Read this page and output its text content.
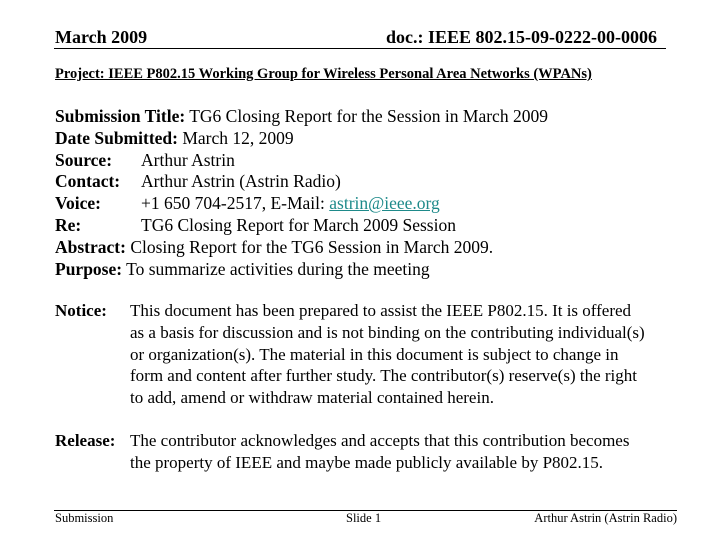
March 2009	doc.: IEEE 802.15-09-0222-00-0006
Project: IEEE P802.15 Working Group for Wireless Personal Area Networks (WPANs)
Submission Title: TG6 Closing Report for the Session in March 2009
Date Submitted: March 12, 2009
Source: Arthur Astrin
Contact: Arthur Astrin (Astrin Radio)
Voice: +1 650 704-2517, E-Mail: astrin@ieee.org
Re:	TG6 Closing Report for March 2009 Session
Abstract: Closing Report for the TG6 Session in March 2009.
Purpose: To summarize activities during the meeting
Notice: This document has been prepared to assist the IEEE P802.15. It is offered
as a basis for discussion and is not binding on the contributing individual(s)
or organization(s). The material in this document is subject to change in
form and content after further study. The contributor(s) reserve(s) the right
to add, amend or withdraw material contained herein.
Release: The contributor acknowledges and accepts that this contribution becomes
the property of IEEE and maybe made publicly available by P802.15.
Submission	Slide 1	Arthur Astrin (Astrin Radio)
